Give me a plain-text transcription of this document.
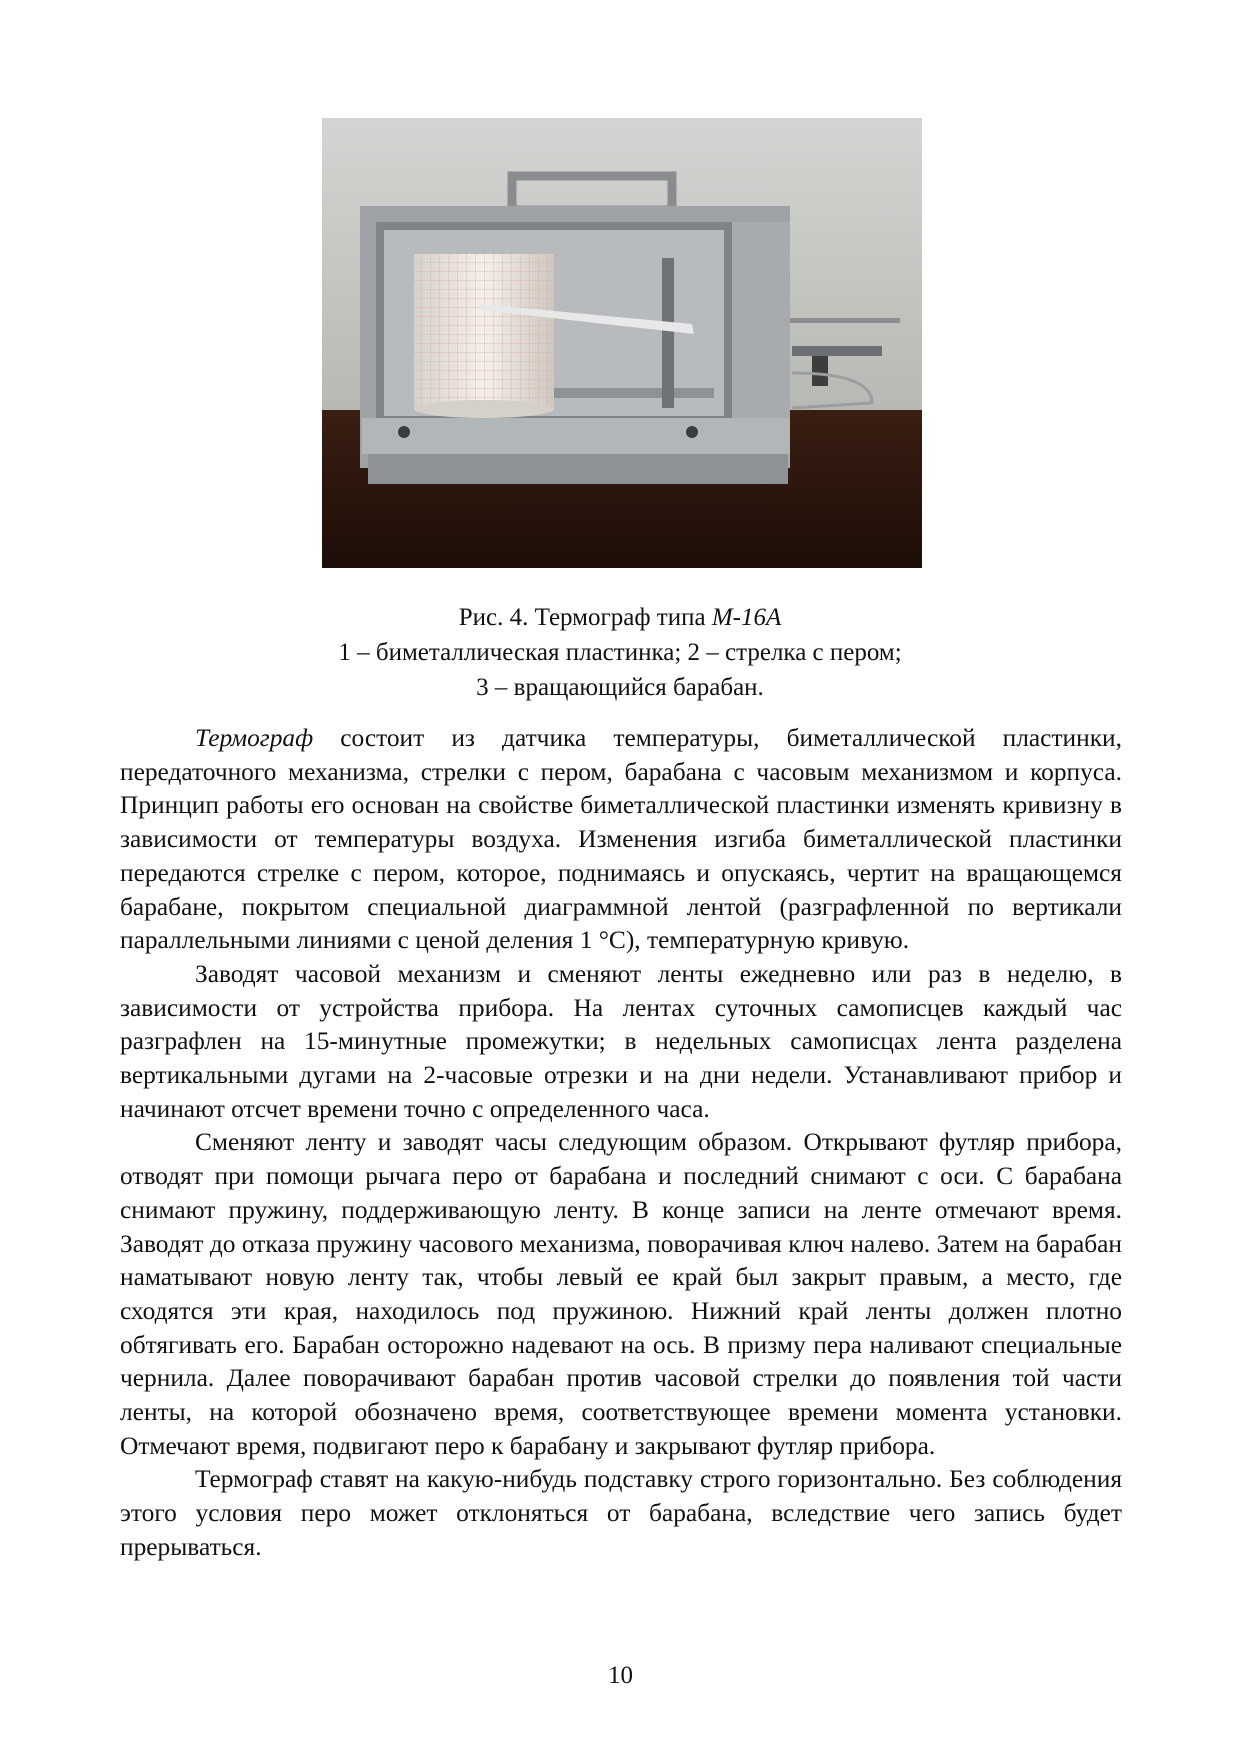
Рис. 4. Термограф типа М-16А
1 – биметаллическая пластинка; 2 – стрелка с пером;
3 – вращающийся барабан.

Термограф состоит из датчика температуры, биметаллической пластинки, передаточного механизма, стрелки с пером, барабана с часовым механизмом и корпуса. Принцип работы его основан на свойстве биметаллической пластинки изменять кривизну в зависимости от температуры воздуха. Изменения изгиба биметаллической пластинки передаются стрелке с пером, которое, поднимаясь и опускаясь, чертит на вращающемся барабане, покрытом специальной диаграммной лентой (разграфленной по вертикали параллельными линиями с ценой деления 1 °С), температурную кривую.

Заводят часовой механизм и сменяют ленты ежедневно или раз в неделю, в зависимости от устройства прибора. На лентах суточных самописцев каждый час разграфлен на 15-минутные промежутки; в недельных самописцах лента разделена вертикальными дугами на 2-часовые отрезки и на дни недели. Устанавливают прибор и начинают отсчет времени точно с определенного часа.

Сменяют ленту и заводят часы следующим образом. Открывают футляр прибора, отводят при помощи рычага перо от барабана и последний снимают с оси. С барабана снимают пружину, поддерживающую ленту. В конце записи на ленте отмечают время. Заводят до отказа пружину часового механизма, поворачивая ключ налево. Затем на барабан наматывают новую ленту так, чтобы левый ее край был закрыт правым, а место, где сходятся эти края, находилось под пружиною. Нижний край ленты должен плотно обтягивать его. Барабан осторожно надевают на ось. В призму пера наливают специальные чернила. Далее поворачивают барабан против часовой стрелки до появления той части ленты, на которой обозначено время, соответствующее времени момента установки. Отмечают время, подвигают перо к барабану и закрывают футляр прибора.

Термограф ставят на какую-нибудь подставку строго горизонтально. Без соблюдения этого условия перо может отклоняться от барабана, вследствие чего запись будет прерываться.

10
